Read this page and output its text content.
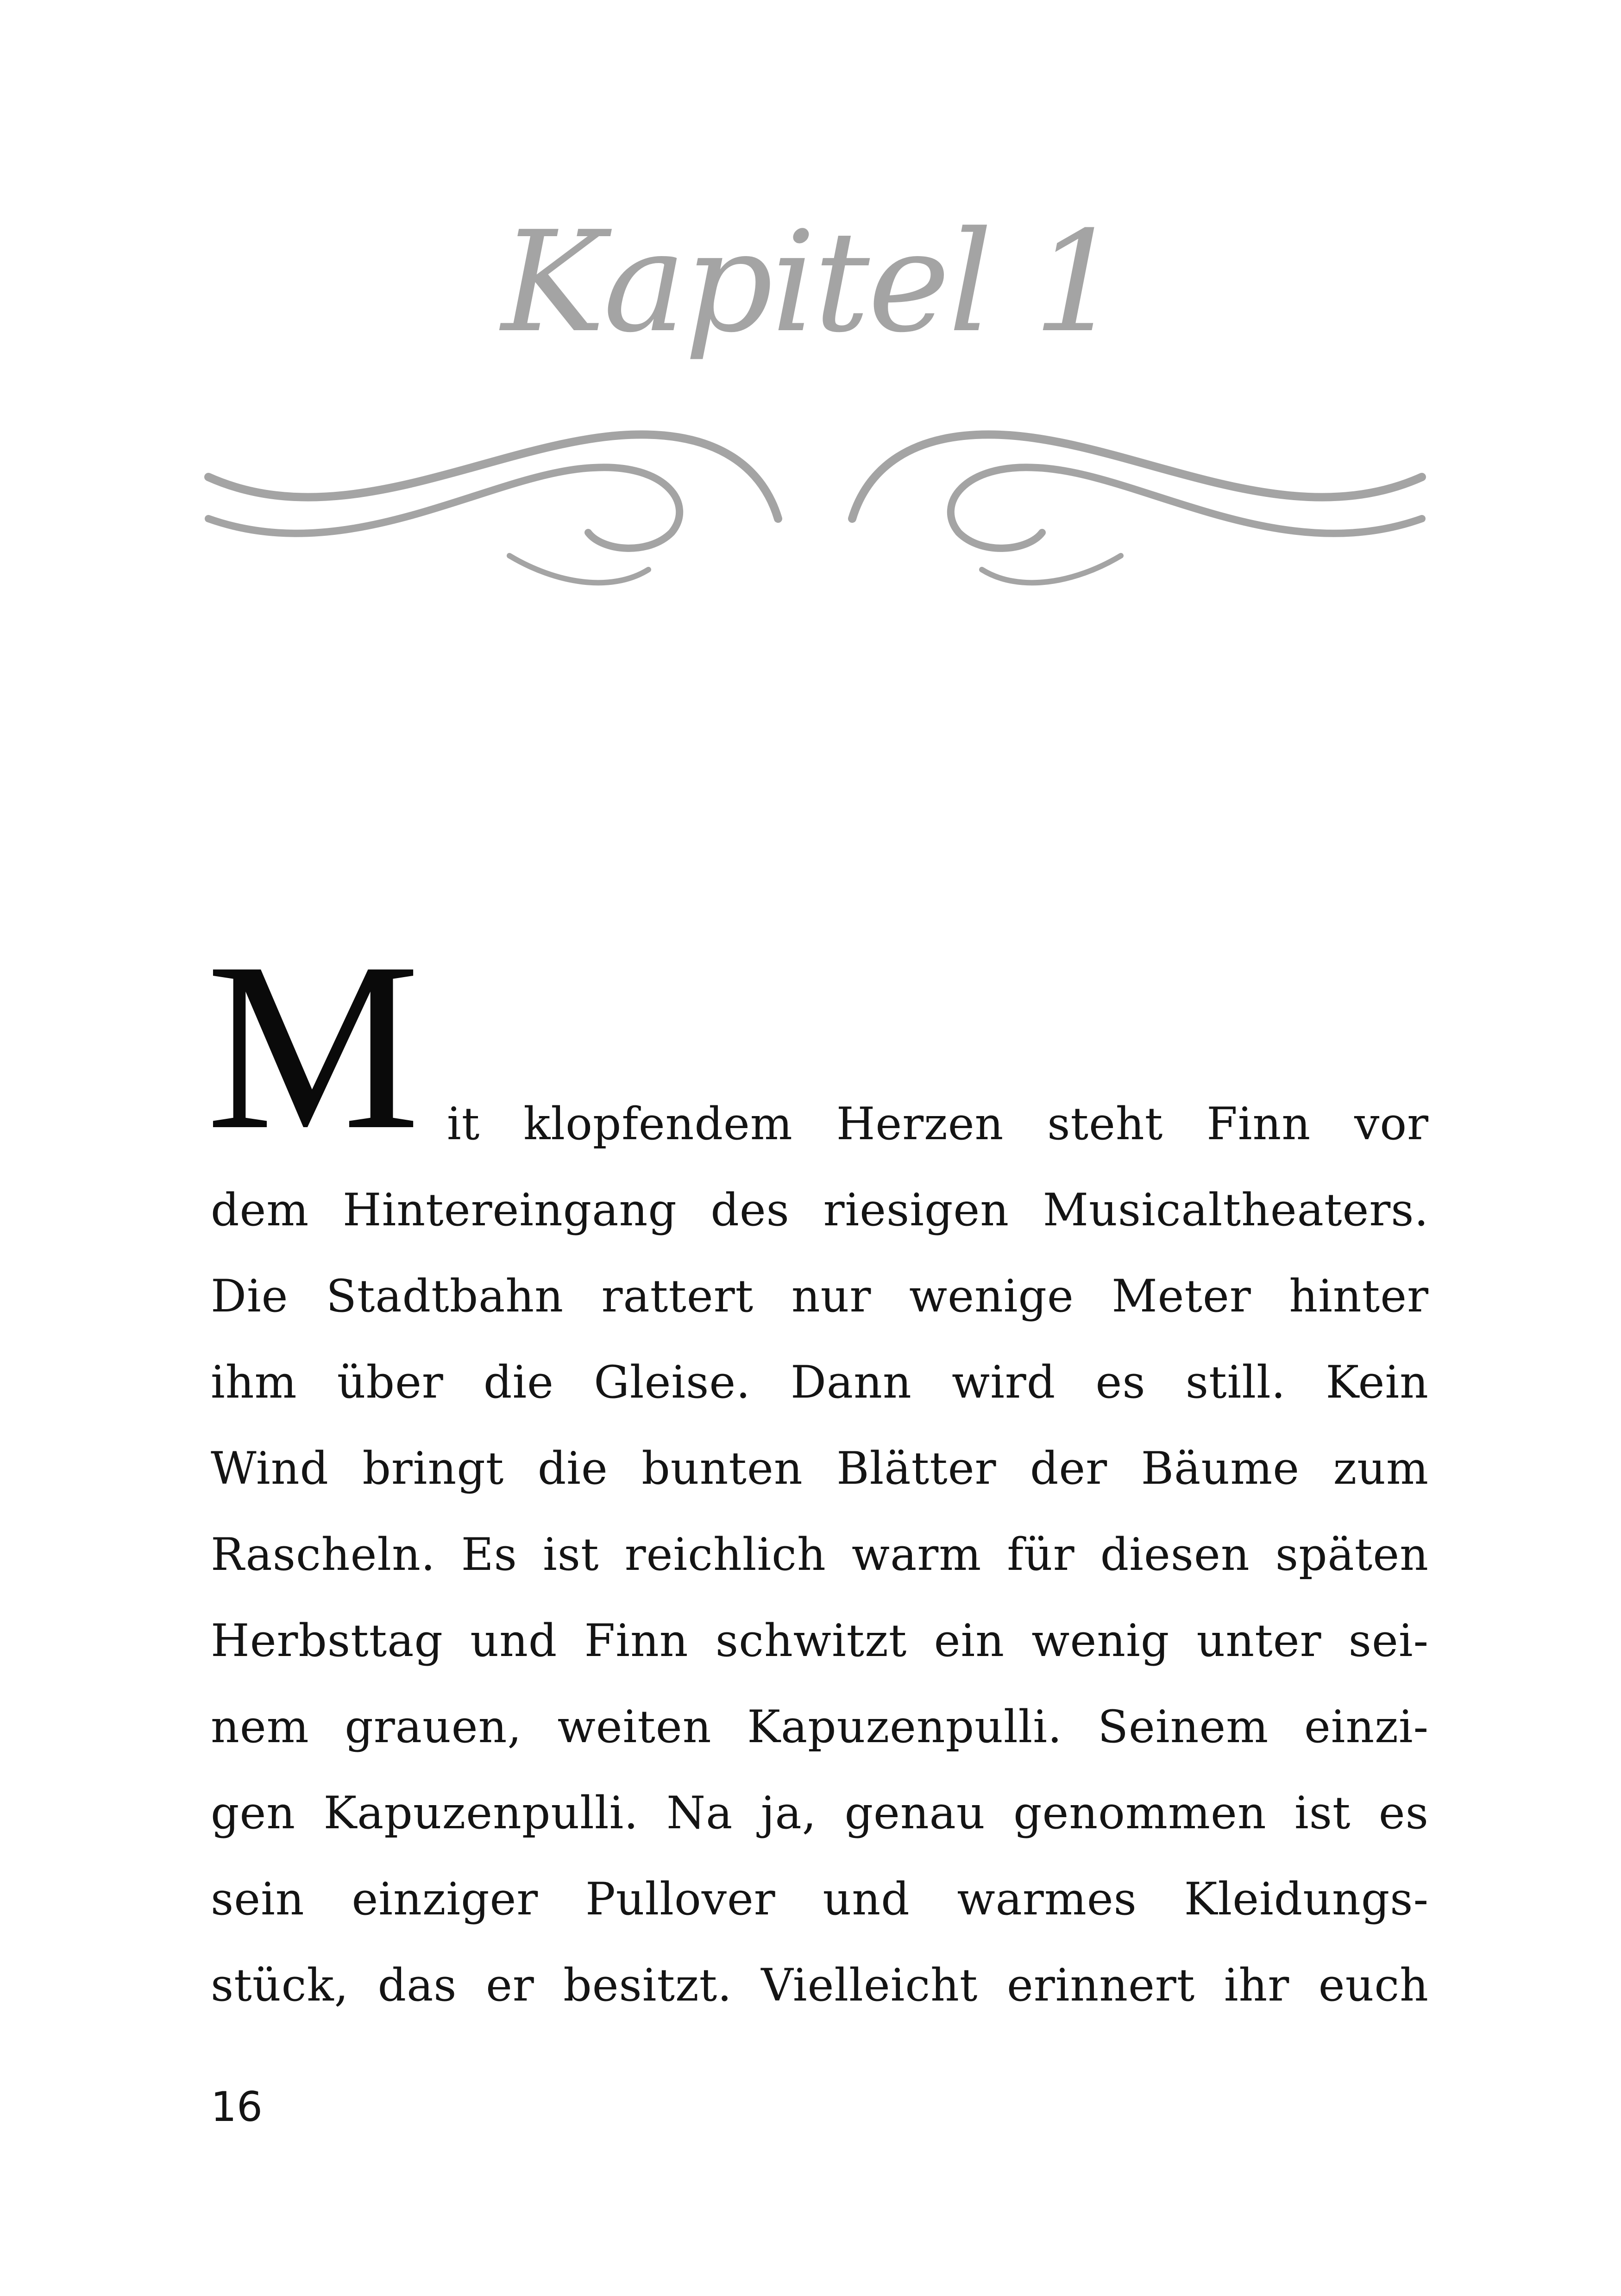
Kapitel 1
M it klopfendem Herzen steht Finn vor
dem Hintereingang des riesigen Musicaltheaters.
Die Stadtbahn rattert nur wenige Meter hinter
ihm über die Gleise. Dann wird es still. Kein
Wind bringt die bunten Blätter der Bäume zum
Rascheln. Es ist reichlich warm für diesen späten
Herbsttag und Finn schwitzt ein wenig unter sei-
nem grauen, weiten Kapuzenpulli. Seinem einzi-
gen Kapuzenpulli. Na ja, genau genommen ist es
sein einziger Pullover und warmes Kleidungs-
stück, das er besitzt. Vielleicht erinnert ihr euch
16
